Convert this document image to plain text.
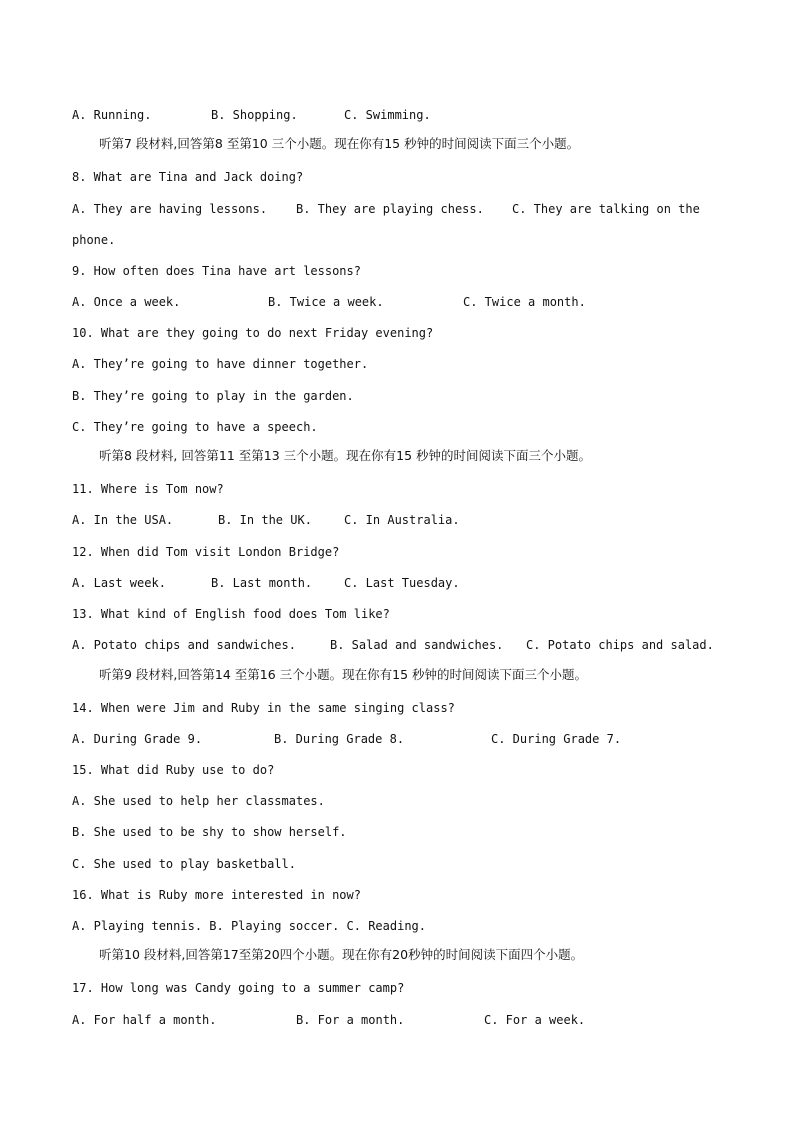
A. Running.	B. Shopping.	C. Swimming.
听第7 段材料,回答第8 至第10 三个小题。现在你有15 秒钟的时间阅读下面三个小题。
8. What are Tina and Jack doing?
A. They are having lessons. B. They are playing chess. C. They are talking on the
phone.
9. How often does Tina have art lessons?
A. Once a week.	B. Twice a week.	C. Twice a month.
10. What are they going to do next Friday evening?
A. They’re going to have dinner together.
B. They’re going to play in the garden.
C. They’re going to have a speech.
听第8 段材料, 回答第11 至第13 三个小题。现在你有15 秒钟的时间阅读下面三个小题。
11. Where is Tom now?
A. In the USA.	B. In the UK.	C. In Australia.
12. When did Tom visit London Bridge?
A. Last week.	B. Last month.	C. Last Tuesday.
13. What kind of English food does Tom like?
A. Potato chips and sandwiches.	B. Salad and sandwiches. C. Potato chips and salad.
听第9 段材料,回答第14 至第16 三个小题。现在你有15 秒钟的时间阅读下面三个小题。
14. When were Jim and Ruby in the same singing class?
A. During Grade 9.	B. During Grade 8.	C. During Grade 7.
15. What did Ruby use to do?
A. She used to help her classmates.
B. She used to be shy to show herself.
C. She used to play basketball.
16. What is Ruby more interested in now?
A. Playing tennis. B. Playing soccer. C. Reading.
听第10 段材料,回答第17至第20四个小题。现在你有20秒钟的时间阅读下面四个小题。
17. How long was Candy going to a summer camp?
A. For half a month.	B. For a month.	C. For a week.
